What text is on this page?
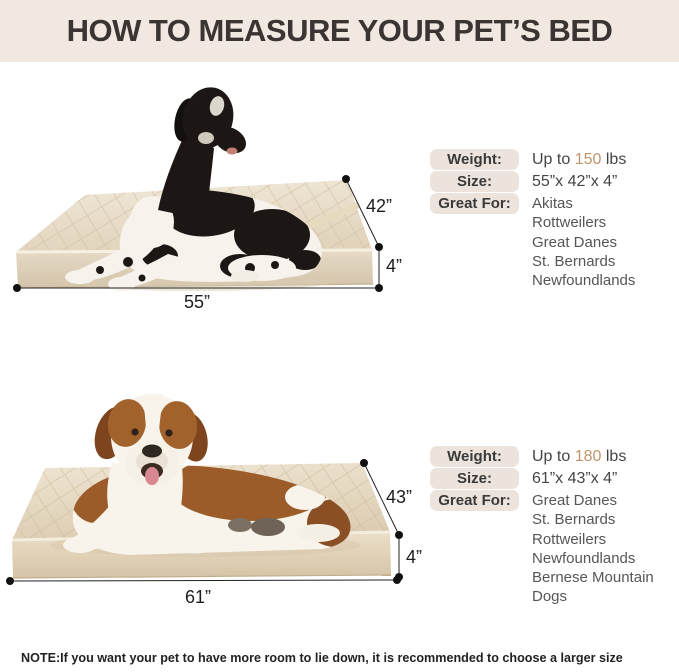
HOW TO MEASURE YOUR PET’S BED
42”
4”
55”
43”
4”
61”
Weight:	Up to 150 lbs
Size:	55”x 42”x 4”
Great For:	Akitas
Rottweilers
Great Danes
St. Bernards
Newfoundlands
Weight:	Up to 180 lbs
Size:	61”x 43”x 4”
Great For:	Great Danes
St. Bernards
Rottweilers
Newfoundlands
Bernese Mountain Dogs
NOTE:If you want your pet to have more room to lie down, it is recommended to choose a larger size
